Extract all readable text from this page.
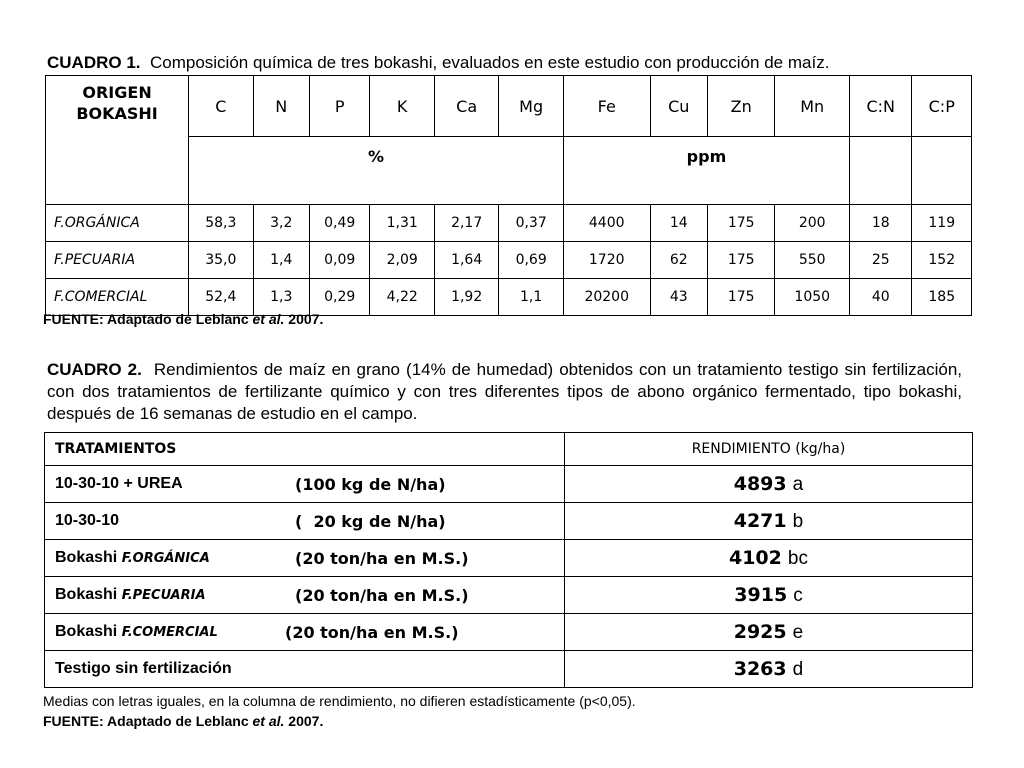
CUADRO 1. Composición química de tres bokashi, evaluados en este estudio con producción de maíz.
ORIGEN
BOKASHI	C	N	P	K	Ca	Mg	Fe	Cu	Zn	Mn	C:N	C:P
	%						ppm					
F.ORGÁNICA	58,3	3,2	0,49	1,31	2,17	0,37	4400	14	175	200	18	119
F.PECUARIA	35,0	1,4	0,09	2,09	1,64	0,69	1720	62	175	550	25	152
F.COMERCIAL	52,4	1,3	0,29	4,22	1,92	1,1	20200	43	175	1050	40	185
FUENTE: Adaptado de Leblanc et al. 2007.
CUADRO 2. Rendimientos de maíz en grano (14% de humedad) obtenidos con un tratamiento testigo sin fertilización, con dos tratamientos de fertilizante químico y con tres diferentes tipos de abono orgánico fermentado, tipo bokashi, después de 16 semanas de estudio en el campo.
TRATAMIENTOS	RENDIMIENTO (kg/ha)

10-30-10 + UREA (100 kg de N/ha)	4893 a

10-30-10 (  20 kg de N/ha)	4271 b

Bokashi F.ORGÁNICA (20 ton/ha en M.S.)	4102 bc

Bokashi F.PECUARIA (20 ton/ha en M.S.)	3915 c

Bokashi F.COMERCIAL (20 ton/ha en M.S.)	2925 e

Testigo sin fertilización	3263 d
Medias con letras iguales, en la columna de rendimiento, no difieren estadísticamente (p<0,05).
FUENTE: Adaptado de Leblanc et al. 2007.
